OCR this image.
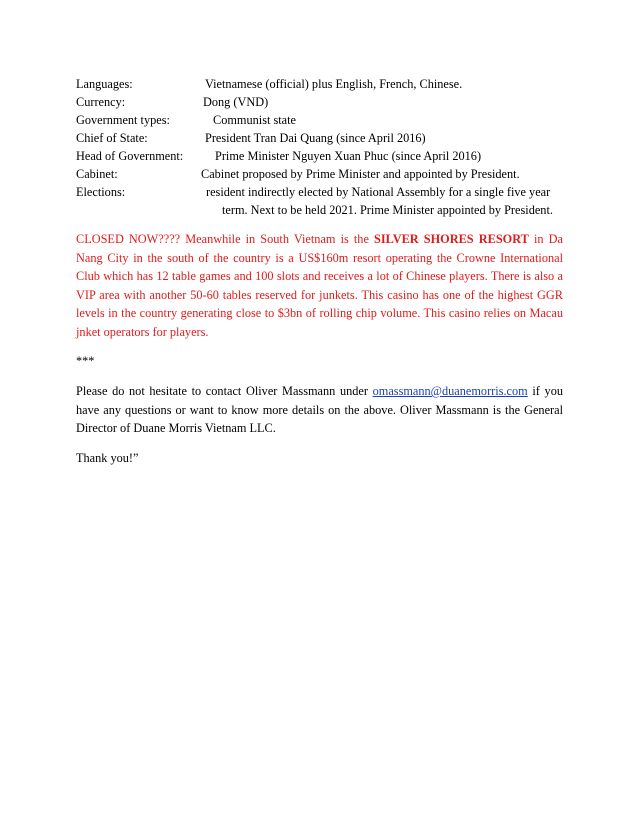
Languages:	Vietnamese (official) plus English, French, Chinese.
Currency:	Dong (VND)
Government types:	Communist state
Chief of State:	President Tran Dai Quang (since April 2016)
Head of Government:	Prime Minister Nguyen Xuan Phuc (since April 2016)
Cabinet:	Cabinet proposed by Prime Minister and appointed by President.
Elections:	resident indirectly elected by National Assembly for a single five year
term. Next to be held 2021. Prime Minister appointed by President.

CLOSED NOW???? Meanwhile in South Vietnam is the SILVER SHORES RESORT in Da Nang City in the south of the country is a US$160m resort operating the Crowne International Club which has 12 table games and 100 slots and receives a lot of Chinese players. There is also a VIP area with another 50-60 tables reserved for junkets. This casino has one of the highest GGR levels in the country generating close to $3bn of rolling chip volume. This casino relies on Macau jnket operators for players.

***

Please do not hesitate to contact Oliver Massmann under omassmann@duanemorris.com if you have any questions or want to know more details on the above. Oliver Massmann is the General Director of Duane Morris Vietnam LLC.

Thank you!”
